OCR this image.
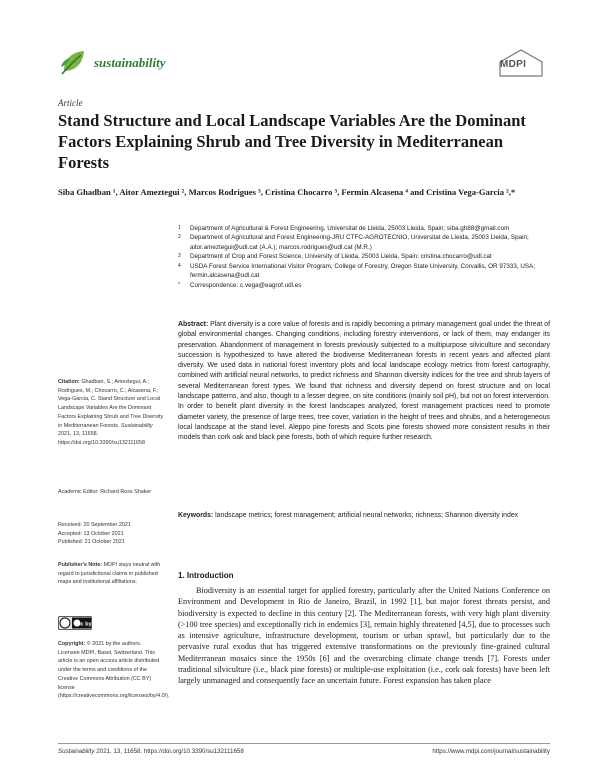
sustainability	MDPI
Article
Stand Structure and Local Landscape Variables Are the Dominant Factors Explaining Shrub and Tree Diversity in Mediterranean Forests
Siba Ghadban ¹, Aitor Ameztegui ², Marcos Rodrigues ³, Cristina Chocarro ³, Fermin Alcasena ⁴ and Cristina Vega-Garcia ²,*
1	Department of Agricultural & Forest Engineering, Universitat de Lleida, 25003 Lleida, Spain; siba.gh88@gmail.com
2	Department of Agricultural and Forest Engineering-JRU CTFC-AGROTECNIO, Universitat de Lleida, 25003 Lleida, Spain; aitor.ameztegui@udl.cat (A.A.); marcos.rodrigues@udl.cat (M.R.)
3	Department of Crop and Forest Science, University of Lleida, 25003 Lleida, Spain; cristina.chocarro@udl.cat
4	USDA Forest Service International Visitor Program, College of Forestry, Oregon State University, Corvallis, OR 97333, USA; fermin.alcasena@udl.cat
*	Correspondence: c.vega@eagrof.udl.es
Abstract: Plant diversity is a core value of forests and is rapidly becoming a primary management goal under the threat of global environmental changes. Changing conditions, including forestry interventions, or lack of them, may endanger its preservation. Abandonment of management in forests previously subjected to a multipurpose silviculture and secondary succession is hypothesized to have altered the biodiverse Mediterranean forests in recent years and affected plant diversity. We used data in national forest inventory plots and local landscape ecology metrics from forest cartography, combined with artificial neural networks, to predict richness and Shannon diversity indices for the tree and shrub layers of several Mediterranean forest types. We found that richness and diversity depend on forest structure and on local landscape patterns, and also, though to a lesser degree, on site conditions (mainly soil pH), but not on forest intervention. In order to benefit plant diversity in the forest landscapes analyzed, forest management practices need to promote diameter variety, the presence of large trees, tree cover, variation in the height of trees and shrubs, and a heterogeneous local landscape at the stand level. Aleppo pine forests and Scots pine forests showed more consistent results in their models than cork oak and black pine forests, both of which require further research.
Keywords: landscape metrics; forest management; artificial neural networks; richness; Shannon diversity index
Citation: Ghadban, S.; Ameztegui, A.; Rodrigues, M.; Chocarro, C.; Alcasena, F.; Vega-Garcia, C. Stand Structure and Local Landscape Variables Are the Dominant Factors Explaining Shrub and Tree Diversity in Mediterranean Forests. Sustainability 2021, 13, 11658. https://doi.org/10.3390/su132111658
Academic Editor: Richard Ross Shaker
Received: 20 September 2021
Accepted: 13 October 2021
Published: 21 October 2021
Publisher's Note: MDPI stays neutral with regard to jurisdictional claims in published maps and institutional affiliations.
cc by
Copyright: © 2021 by the authors. Licensee MDPI, Basel, Switzerland. This article is an open access article distributed under the terms and conditions of the Creative Commons Attribution (CC BY) license (https://creativecommons.org/licenses/by/4.0/).
1. Introduction

Biodiversity is an essential target for applied forestry, particularly after the United Nations Conference on Environment and Development in Rio de Janeiro, Brazil, in 1992 [1], but major forest threats persist, and biodiversity is expected to decline in this century [2]. The Mediterranean forests, with very high plant diversity (>100 tree species) and exceptionally rich in endemics [3], remain highly threatened [4,5], due to processes such as intensive agriculture, infrastructure development, tourism or urban sprawl, but particularly due to the pervasive rural exodus that has triggered extensive transformations on the previously fine-grained cultural Mediterranean mosaics since the 1950s [6] and the overarching climate change trends [7]. Forests under traditional silviculture (i.e., black pine forests) or multiple-use exploitation (i.e., cork oak forests) have been left largely unmanaged and consequently face an uncertain future. Forest expansion has taken place

Sustainability 2021, 13, 11658. https://doi.org/10.3390/su132111658	https://www.mdpi.com/journal/sustainability
